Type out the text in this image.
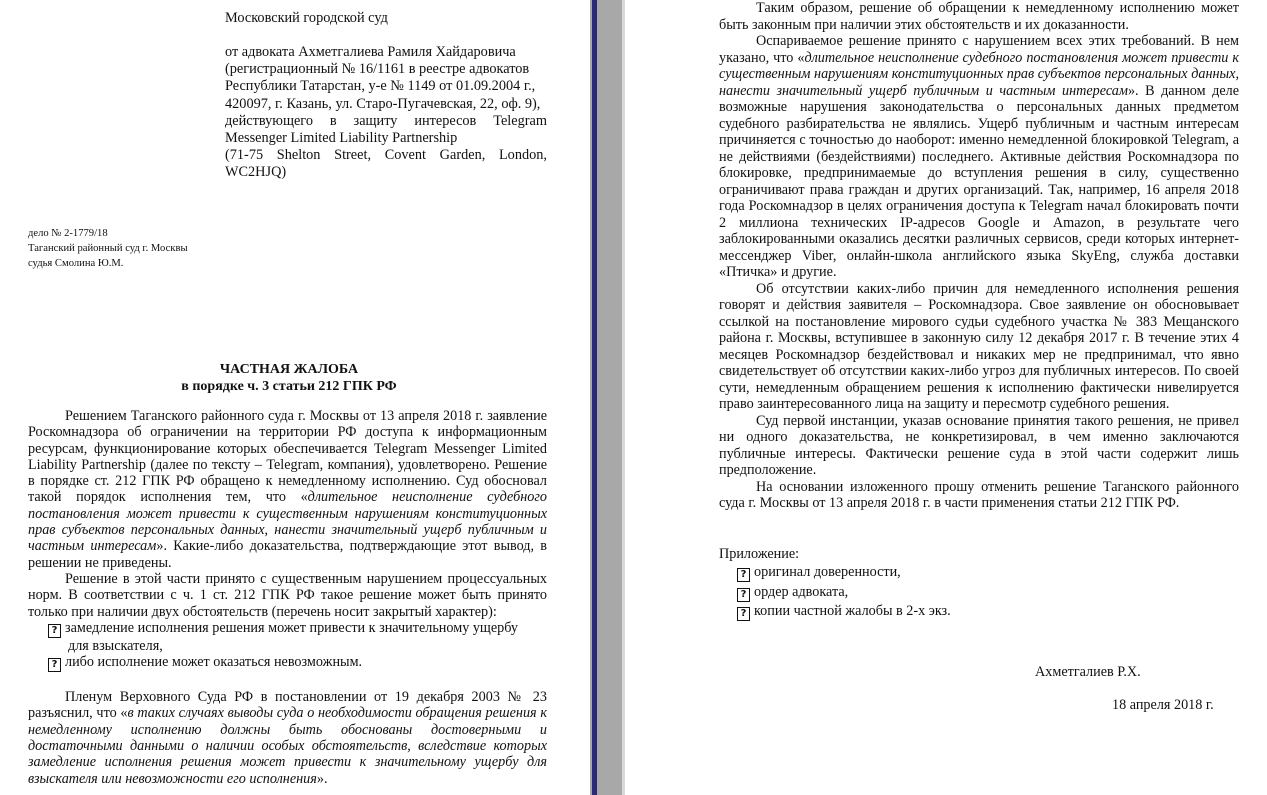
Московский городской суд
от адвоката Ахметгалиева Рамиля Хайдаровича
(регистрационный № 16/1161 в реестре адвокатов
Республики Татарстан, у-е № 1149 от 01.09.2004 г.,
420097, г. Казань, ул. Старо-Пугачевская, 22, оф. 9),
действующего в защиту интересов Telegram
Messenger Limited Liability Partnership
(71-75 Shelton Street, Covent Garden, London,
WC2HJQ)
дело № 2-1779/18
Таганский районный суд г. Москвы
судья Смолина Ю.М.
ЧАСТНАЯ ЖАЛОБА
в порядке ч. 3 статьи 212 ГПК РФ

Решением Таганского районного суда г. Москвы от 13 апреля 2018 г. заявление Роскомнадзора об ограничении на территории РФ доступа к информационным ресурсам, функционирование которых обеспечивается Telegram Messenger Limited Liability Partnership (далее по тексту – Telegram, компания), удовлетворено. Решение в порядке ст. 212 ГПК РФ обращено к немедленному исполнению. Суд обосновал такой порядок исполнения тем, что «длительное неисполнение судебного постановления может привести к существенным нарушениям конституционных прав субъектов персональных данных, нанести значительный ущерб публичным и частным интересам». Какие-либо доказательства, подтверждающие этот вывод, в решении не приведены.

Решение в этой части принято с существенным нарушением процессуальных норм. В соответствии с ч. 1 ст. 212 ГПК РФ такое решение может быть принято только при наличии двух обстоятельств (перечень носит закрытый характер):

? замедление исполнения решения может привести к значительному ущербу
для взыскателя,
? либо исполнение может оказаться невозможным.

Пленум Верховного Суда РФ в постановлении от 19 декабря 2003 № 23 разъяснил, что «в таких случаях выводы суда о необходимости обращения решения к немедленному исполнению должны быть обоснованы достоверными и достаточными данными о наличии особых обстоятельств, вследствие которых замедление исполнения решения может привести к значительному ущербу для взыскателя или невозможности его исполнения».

Таким образом, решение об обращении к немедленному исполнению может быть законным при наличии этих обстоятельств и их доказанности.

Оспариваемое решение принято с нарушением всех этих требований. В нем указано, что «длительное неисполнение судебного постановления может привести к существенным нарушениям конституционных прав субъектов персональных данных, нанести значительный ущерб публичным и частным интересам». В данном деле возможные нарушения законодательства о персональных данных предметом судебного разбирательства не являлись. Ущерб публичным и частным интересам причиняется с точностью до наоборот: именно немедленной блокировкой Telegram, а не действиями (бездействиями) последнего. Активные действия Роскомнадзора по блокировке, предпринимаемые до вступления решения в силу, существенно ограничивают права граждан и других организаций. Так, например, 16 апреля 2018 года Роскомнадзор в целях ограничения доступа к Telegram начал блокировать почти 2 миллиона технических IP-адресов Google и Amazon, в результате чего заблокированными оказались десятки различных сервисов, среди которых интернет-мессенджер Viber, онлайн-школа английского языка SkyEng, служба доставки «Птичка» и другие.

Об отсутствии каких-либо причин для немедленного исполнения решения говорят и действия заявителя – Роскомнадзора. Свое заявление он обосновывает ссылкой на постановление мирового судьи судебного участка № 383 Мещанского района г. Москвы, вступившее в законную силу 12 декабря 2017 г. В течение этих 4 месяцев Роскомнадзор бездействовал и никаких мер не предпринимал, что явно свидетельствует об отсутствии каких-либо угроз для публичных интересов. По своей сути, немедленным обращением решения к исполнению фактически нивелируется право заинтересованного лица на защиту и пересмотр судебного решения.

Суд первой инстанции, указав основание принятия такого решения, не привел ни одного доказательства, не конкретизировал, в чем именно заключаются публичные интересы. Фактически решение суда в этой части содержит лишь предположение.

На основании изложенного прошу отменить решение Таганского районного суда г. Москвы от 13 апреля 2018 г. в части применения статьи 212 ГПК РФ.

Приложение:
? оригинал доверенности,
? ордер адвоката,
? копии частной жалобы в 2-х экз.
Ахметгалиев Р.Х.
18 апреля 2018 г.
